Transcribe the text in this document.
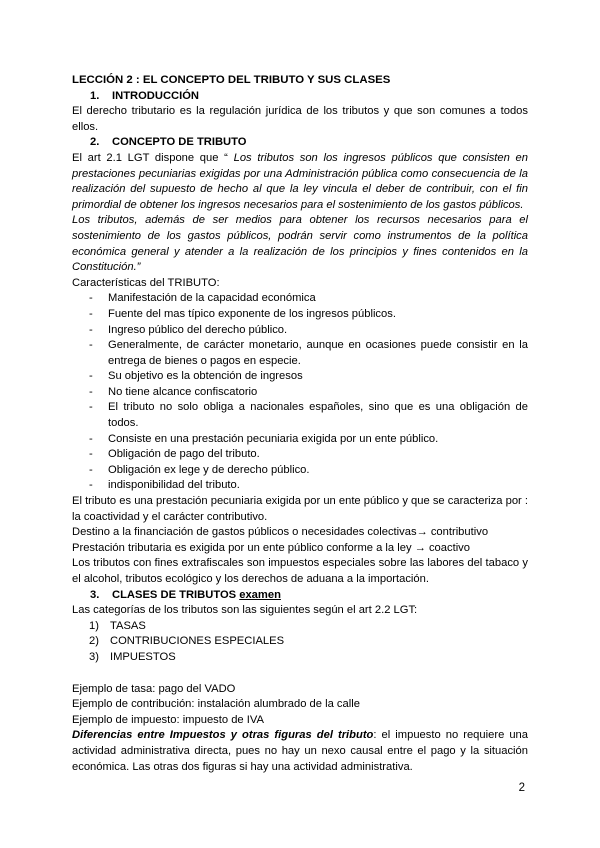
LECCIÓN 2 : EL CONCEPTO DEL TRIBUTO Y SUS CLASES

1.	INTRODUCCIÓN

El derecho tributario es la regulación jurídica de los tributos y que son comunes a todos ellos.

2.	CONCEPTO DE TRIBUTO

El art 2.1 LGT dispone que “ Los tributos son los ingresos públicos que consisten en prestaciones pecuniarias exigidas por una Administración pública como consecuencia de la realización del supuesto de hecho al que la ley vincula el deber de contribuir, con el fin primordial de obtener los ingresos necesarios para el sostenimiento de los gastos públicos.

Los tributos, además de ser medios para obtener los recursos necesarios para el sostenimiento de los gastos públicos, podrán servir como instrumentos de la política económica general y atender a la realización de los principios y fines contenidos en la Constitución.”

Características del TRIBUTO:

-	Manifestación de la capacidad económica
-	Fuente del mas típico exponente de los ingresos públicos.
-	Ingreso público del derecho público.
-	Generalmente, de carácter monetario, aunque en ocasiones puede consistir en la entrega de bienes o pagos en especie.
-	Su objetivo es la obtención de ingresos
-	No tiene alcance confiscatorio
-	El tributo no solo obliga a nacionales españoles, sino que es una obligación de todos.
-	Consiste en una prestación pecuniaria exigida por un ente público.
-	Obligación de pago del tributo.
-	Obligación ex lege y de derecho público.
-	indisponibilidad del tributo.

El tributo es una prestación pecuniaria exigida por un ente público y que se caracteriza por : la coactividad y el carácter contributivo.

Destino a la financiación de gastos públicos o necesidades colectivas→ contributivo

Prestación tributaria es exigida por un ente público conforme a la ley → coactivo

Los tributos con fines extrafiscales son impuestos especiales sobre las labores del tabaco y el alcohol, tributos ecológico y los derechos de aduana a la importación.

3.	CLASES DE TRIBUTOS examen

Las categorías de los tributos son las siguientes según el art 2.2 LGT:

1) TASAS
2) CONTRIBUCIONES ESPECIALES
3) IMPUESTOS

Ejemplo de tasa: pago del VADO

Ejemplo de contribución: instalación alumbrado de la calle

Ejemplo de impuesto: impuesto de IVA

Diferencias entre Impuestos y otras figuras del tributo: el impuesto no requiere una actividad administrativa directa, pues no hay un nexo causal entre el pago y la situación económica. Las otras dos figuras si hay una actividad administrativa.

2
